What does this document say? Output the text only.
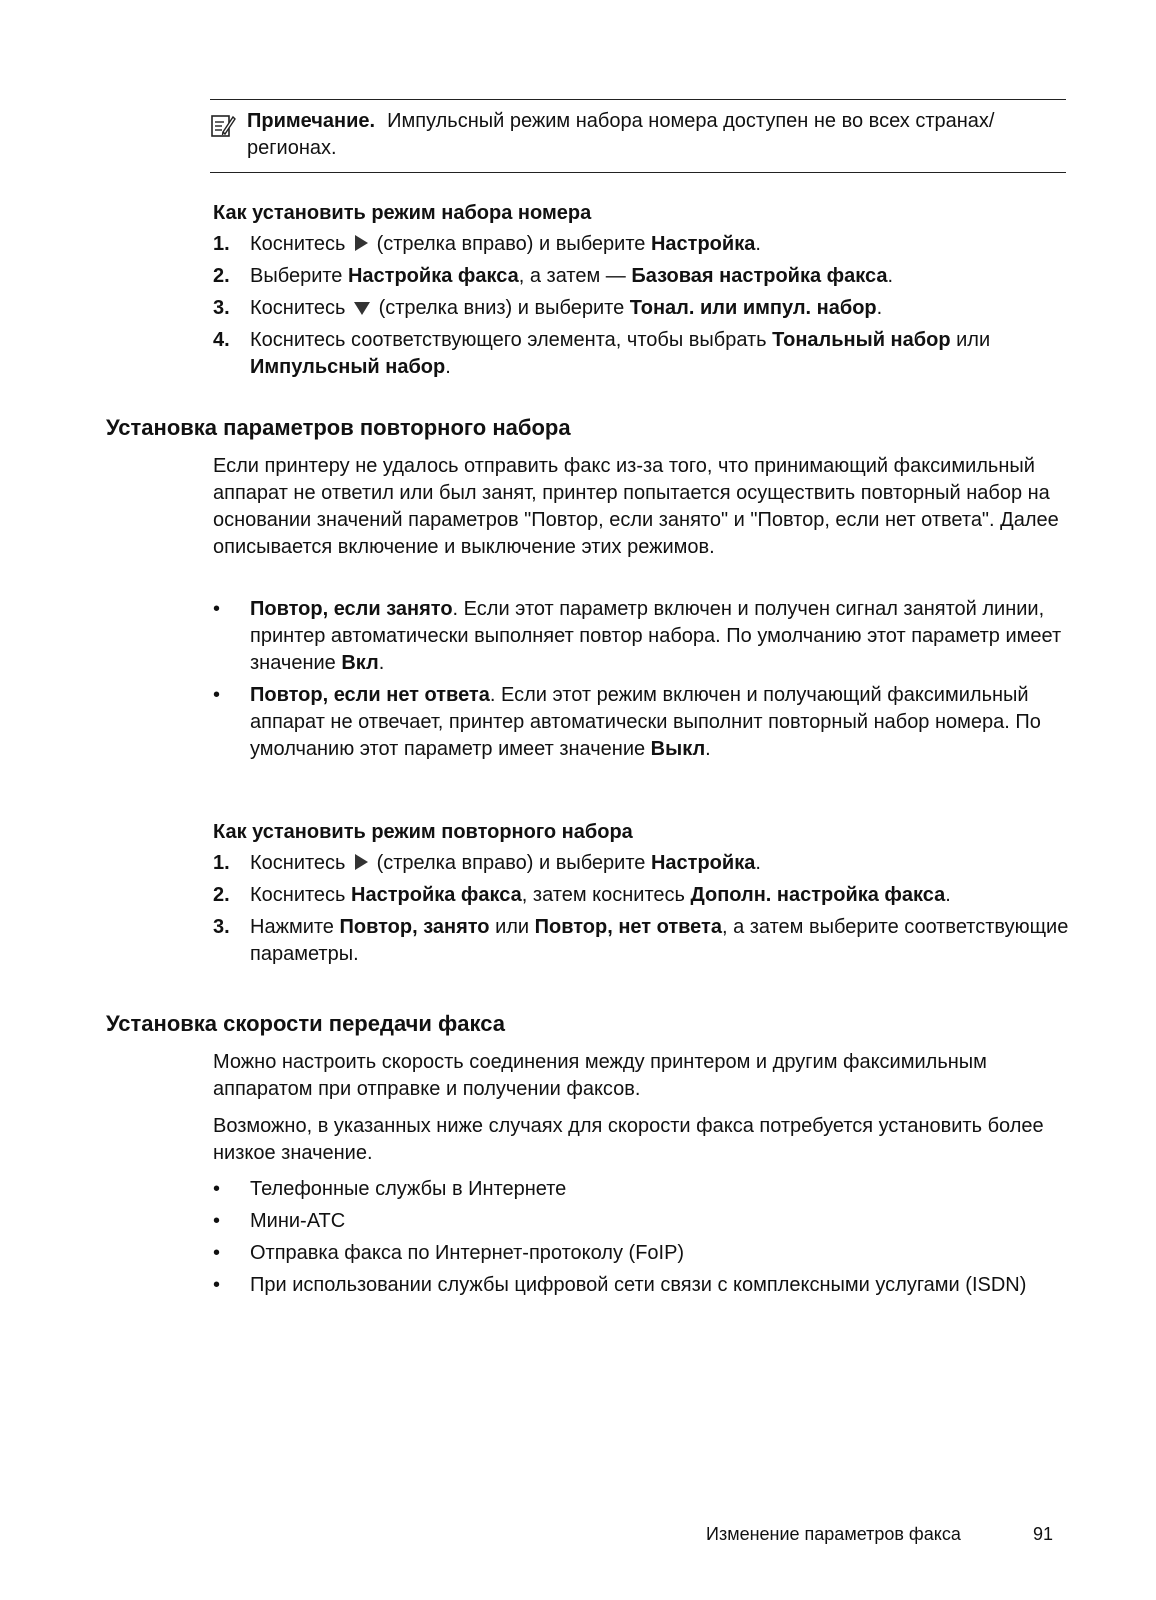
Примечание. Импульсный режим набора номера доступен не во всех странах/регионах.
Как установить режим набора номера
1. Коснитесь (стрелка вправо) и выберите Настройка.
2. Выберите Настройка факса, а затем — Базовая настройка факса.
3. Коснитесь (стрелка вниз) и выберите Тонал. или импул. набор.
4. Коснитесь соответствующего элемента, чтобы выбрать Тональный набор или Импульсный набор.
Установка параметров повторного набора

Если принтеру не удалось отправить факс из-за того, что принимающий факсимильный аппарат не ответил или был занят, принтер попытается осуществить повторный набор на основании значений параметров "Повтор, если занято" и "Повтор, если нет ответа". Далее описывается включение и выключение этих режимов.

• Повтор, если занято. Если этот параметр включен и получен сигнал занятой линии, принтер автоматически выполняет повтор набора. По умолчанию этот параметр имеет значение Вкл.
• Повтор, если нет ответа. Если этот режим включен и получающий факсимильный аппарат не отвечает, принтер автоматически выполнит повторный набор номера. По умолчанию этот параметр имеет значение Выкл.
Как установить режим повторного набора
1. Коснитесь (стрелка вправо) и выберите Настройка.
2. Коснитесь Настройка факса, затем коснитесь Дополн. настройка факса.
3. Нажмите Повтор, занято или Повтор, нет ответа, а затем выберите соответствующие параметры.
Установка скорости передачи факса

Можно настроить скорость соединения между принтером и другим факсимильным аппаратом при отправке и получении факсов.

Возможно, в указанных ниже случаях для скорости факса потребуется установить более низкое значение.

• Телефонные службы в Интернете
• Мини-АТС
• Отправка факса по Интернет-протоколу (FoIP)
• При использовании службы цифровой сети связи с комплексными услугами (ISDN)
Изменение параметров факса	91
